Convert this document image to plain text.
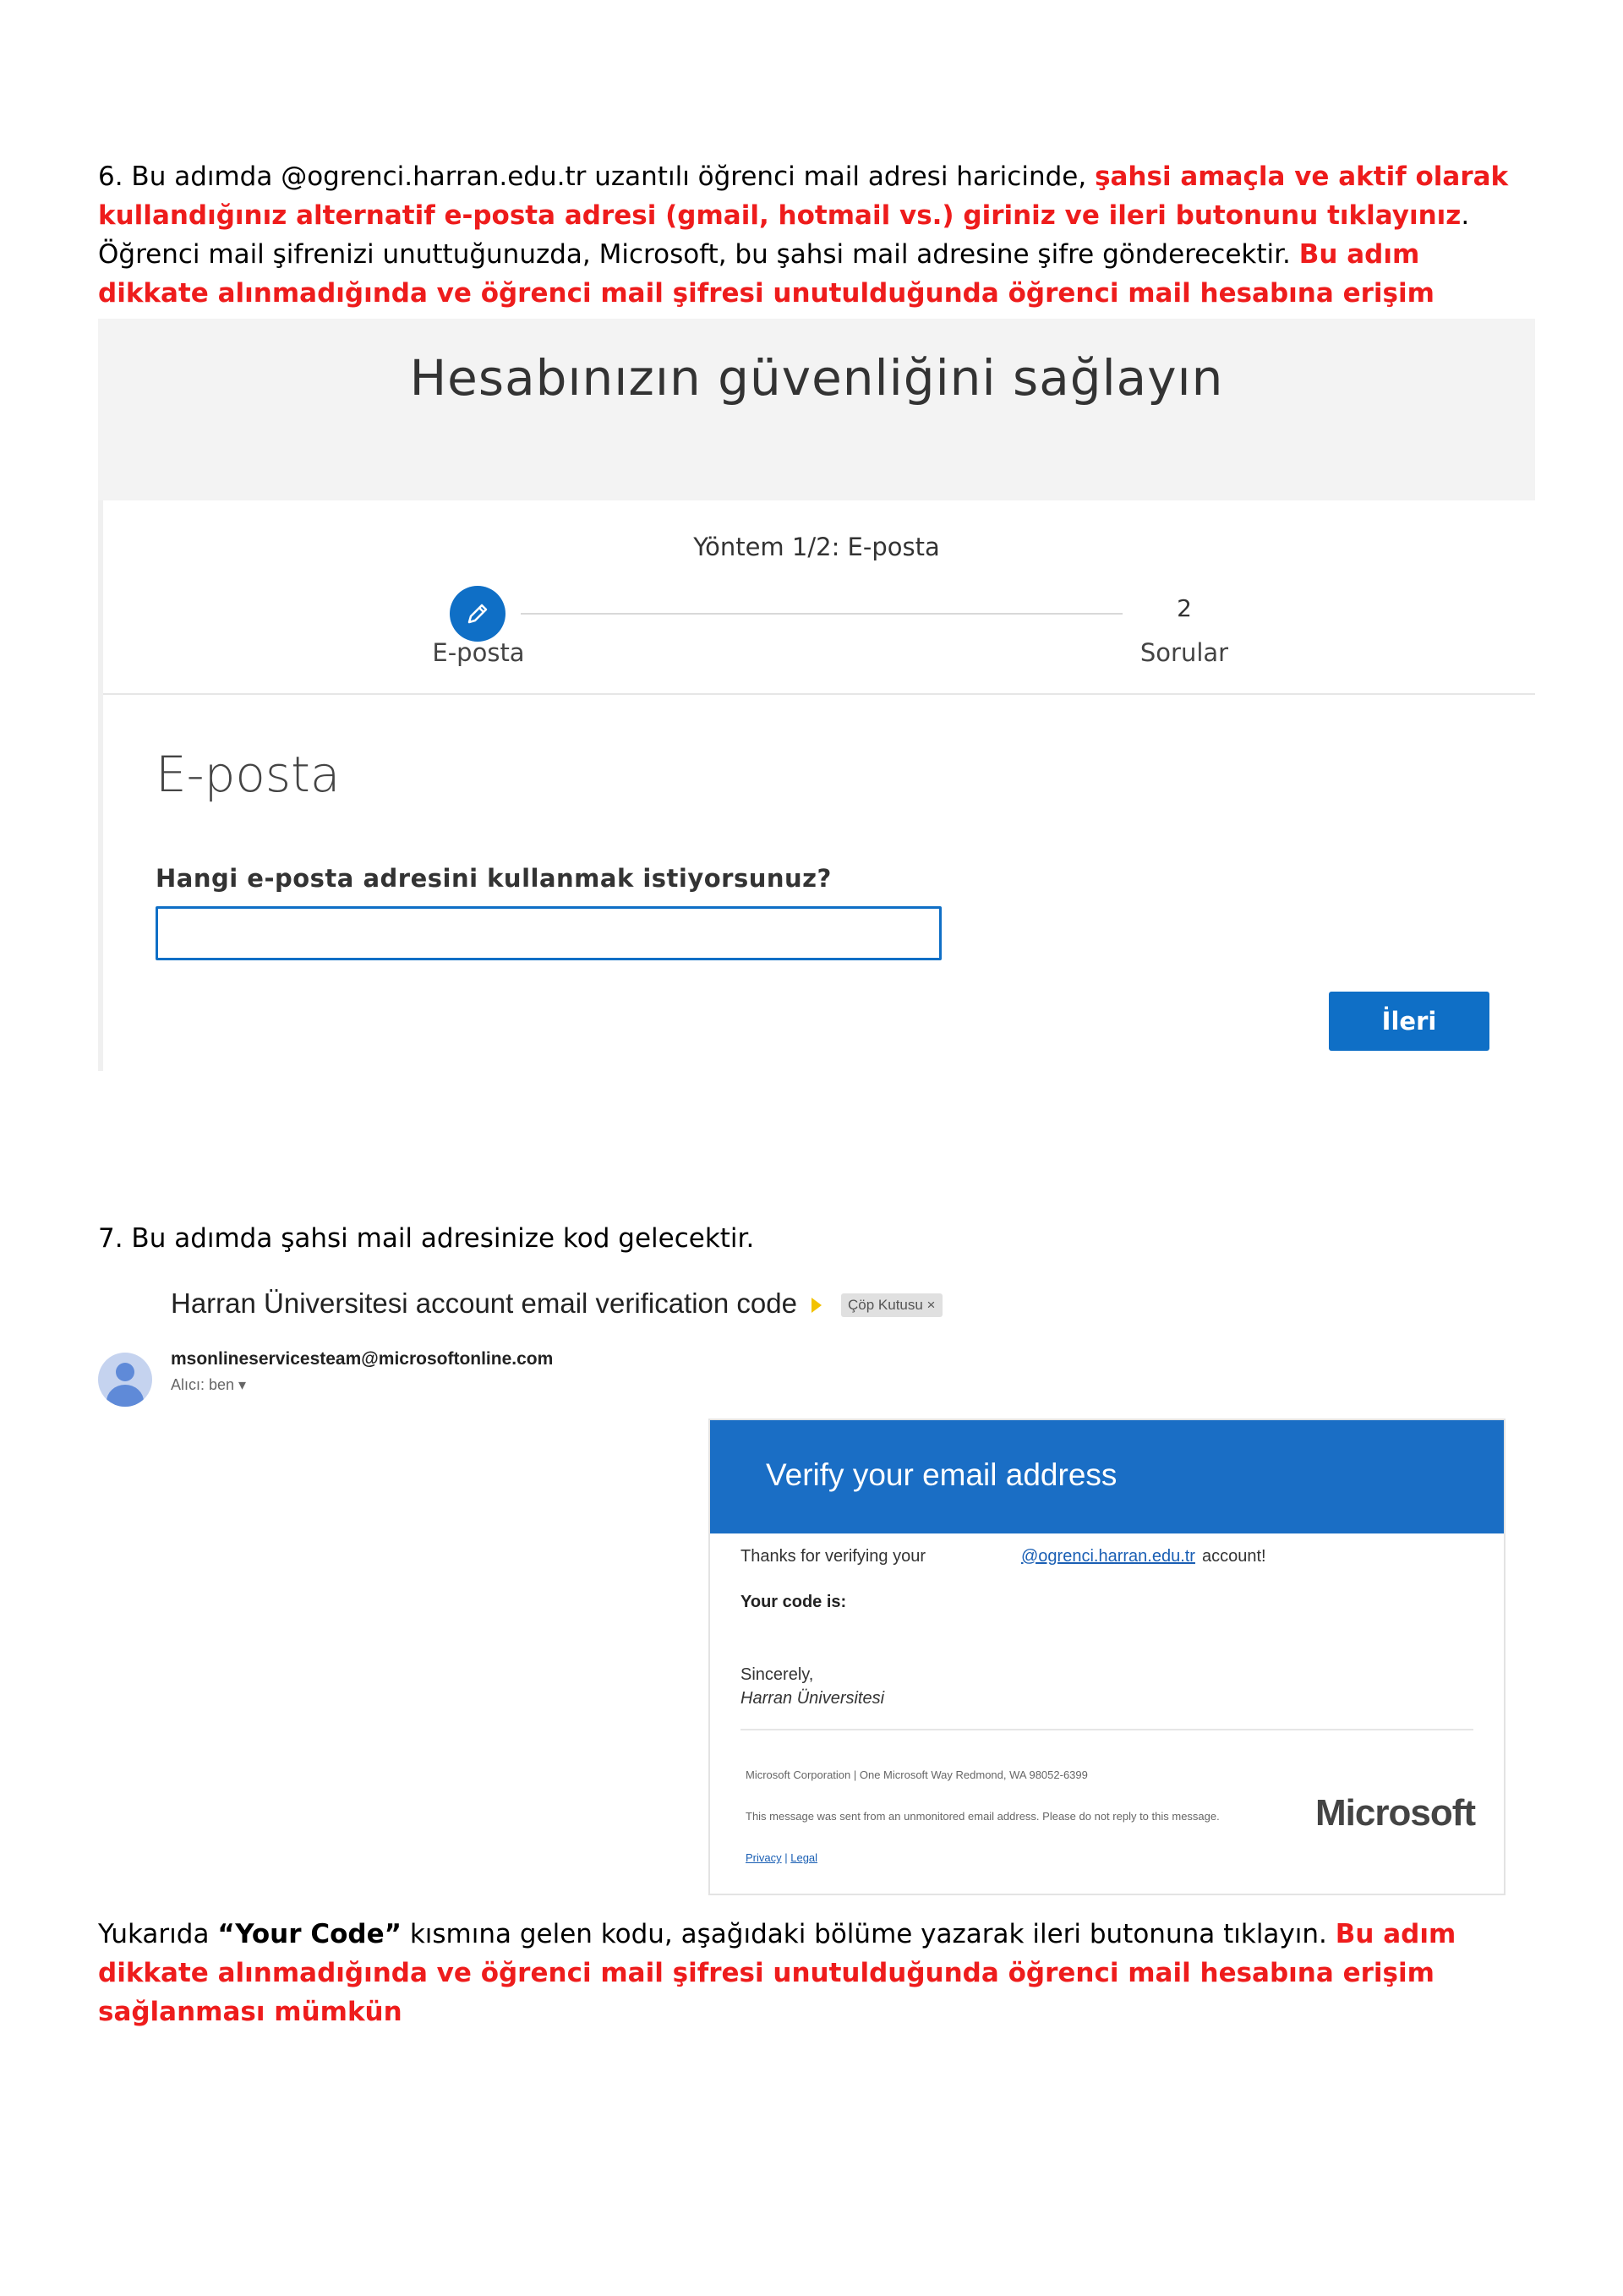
6. Bu adımda @ogrenci.harran.edu.tr uzantılı öğrenci mail adresi haricinde, şahsi amaçla ve aktif olarak kullandığınız alternatif e-posta adresi (gmail, hotmail vs.) giriniz ve ileri butonunu tıklayınız. Öğrenci mail şifrenizi unuttuğunuzda, Microsoft, bu şahsi mail adresine şifre gönderecektir. Bu adım dikkate alınmadığında ve öğrenci mail şifresi unutulduğunda öğrenci mail hesabına erişim
Hesabınızın güvenliğini sağlayın
Yöntem 1/2: E-posta
2
E-posta	Sorular
E-posta
Hangi e-posta adresini kullanmak istiyorsunuz?
İleri
7. Bu adımda şahsi mail adresinize kod gelecektir.
Harran Üniversitesi account email verification code	Çöp Kutusu ×
msonlineservicesteam@microsoftonline.com
Alıcı: ben ▾
Verify your email address
Thanks for verifying your	@ogrenci.harran.edu.tr account!
Your code is:
Sincerely,
Harran Üniversitesi
Microsoft Corporation | One Microsoft Way Redmond, WA 98052-6399
This message was sent from an unmonitored email address. Please do not reply to this message.
Privacy | Legal
Microsoft
Yukarıda “Your Code” kısmına gelen kodu, aşağıdaki bölüme yazarak ileri butonuna tıklayın. Bu adım dikkate alınmadığında ve öğrenci mail şifresi unutulduğunda öğrenci mail hesabına erişim sağlanması mümkün
